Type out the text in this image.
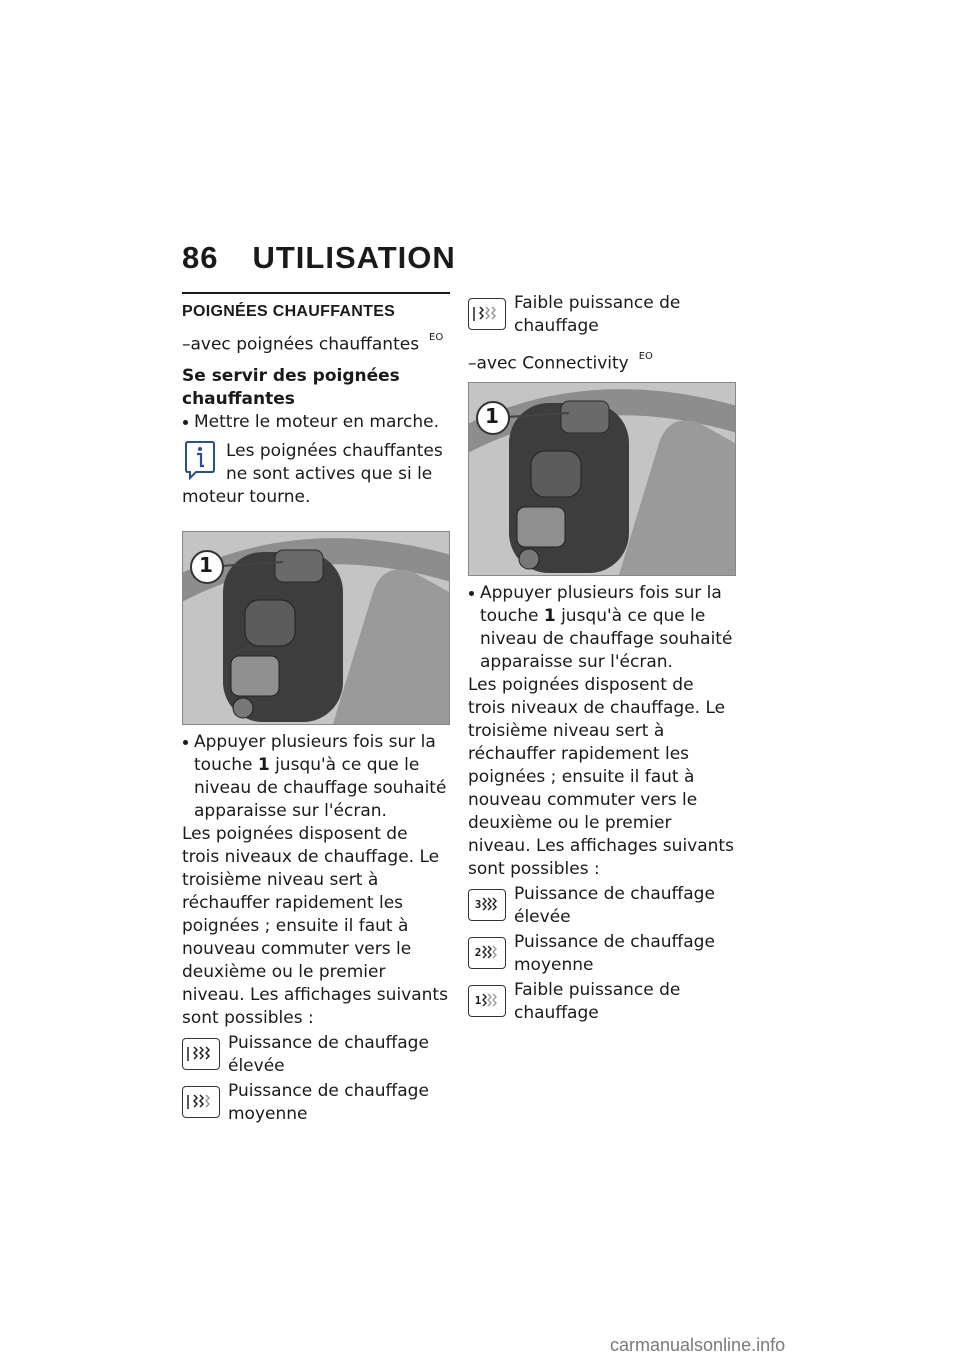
86 UTILISATION
POIGNÉES CHAUFFANTES
–avec poignées chauffantes $^{EO}$
Se servir des poignées chauffantes
Mettre le moteur en marche.
Les poignées chauffantes ne sont actives que si le moteur tourne.
1
Appuyer plusieurs fois sur la touche 1 jusqu'à ce que le niveau de chauffage souhaité apparaisse sur l'écran.
Les poignées disposent de trois niveaux de chauffage. Le troisième niveau sert à réchauffer rapidement les poignées ; ensuite il faut à nouveau commuter vers le deuxième ou le premier niveau. Les affichages suivants sont possibles :
Puissance de chauffage élevée
Puissance de chauffage moyenne
Faible puissance de chauffage
–avec Connectivity $^{EO}$
1
Appuyer plusieurs fois sur la touche 1 jusqu'à ce que le niveau de chauffage souhaité apparaisse sur l'écran.
Les poignées disposent de trois niveaux de chauffage. Le troisième niveau sert à réchauffer rapidement les poignées ; ensuite il faut à nouveau commuter vers le deuxième ou le premier niveau. Les affichages suivants sont possibles :
3
Puissance de chauffage élevée
2
Puissance de chauffage moyenne
1
Faible puissance de chauffage
carmanualsonline.info
